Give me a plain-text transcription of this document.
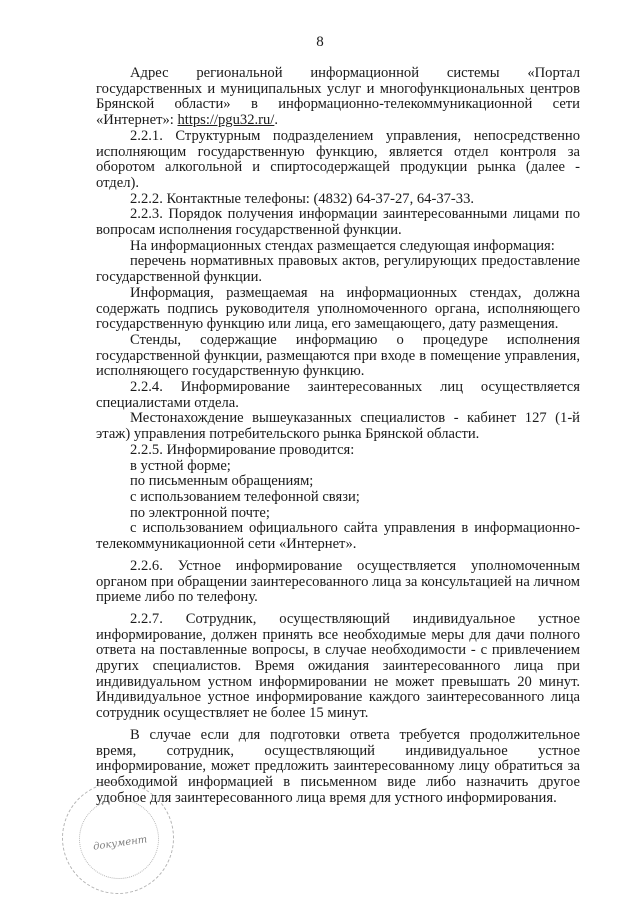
8

Адрес региональной информационной системы «Портал государственных и муниципальных услуг и многофункциональных центров Брянской области» в информационно-телекоммуникационной сети «Интернет»: https://pgu32.ru/.

2.2.1. Структурным подразделением управления, непосредственно исполняющим государственную функцию, является отдел контроля за оборотом алкогольной и спиртосодержащей продукции рынка (далее - отдел).

2.2.2. Контактные телефоны: (4832) 64-37-27, 64-37-33.

2.2.3. Порядок получения информации заинтересованными лицами по вопросам исполнения государственной функции.

На информационных стендах размещается следующая информация:

перечень нормативных правовых актов, регулирующих предоставление государственной функции.

Информация, размещаемая на информационных стендах, должна содержать подпись руководителя уполномоченного органа, исполняющего государственную функцию или лица, его замещающего, дату размещения.

Стенды, содержащие информацию о процедуре исполнения государственной функции, размещаются при входе в помещение управления, исполняющего государственную функцию.

2.2.4. Информирование заинтересованных лиц осуществляется специалистами отдела.

Местонахождение вышеуказанных специалистов - кабинет 127 (1-й этаж) управления потребительского рынка Брянской области.

2.2.5. Информирование проводится:

в устной форме;

по письменным обращениям;

с использованием телефонной связи;

по электронной почте;

с использованием официального сайта управления в информационно-телекоммуникационной сети «Интернет».

2.2.6. Устное информирование осуществляется уполномоченным органом при обращении заинтересованного лица за консультацией на личном приеме либо по телефону.

2.2.7. Сотрудник, осуществляющий индивидуальное устное информирование, должен принять все необходимые меры для дачи полного ответа на поставленные вопросы, в случае необходимости - с привлечением других специалистов. Время ожидания заинтересованного лица при индивидуальном устном информировании не может превышать 20 минут. Индивидуальное устное информирование каждого заинтересованного лица сотрудник осуществляет не более 15 минут.

В случае если для подготовки ответа требуется продолжительное время, сотрудник, осуществляющий индивидуальное устное информирование, может предложить заинтересованному лицу обратиться за необходимой информацией в письменном виде либо назначить другое удобное для заинтересованного лица время для устного информирования.

документ
